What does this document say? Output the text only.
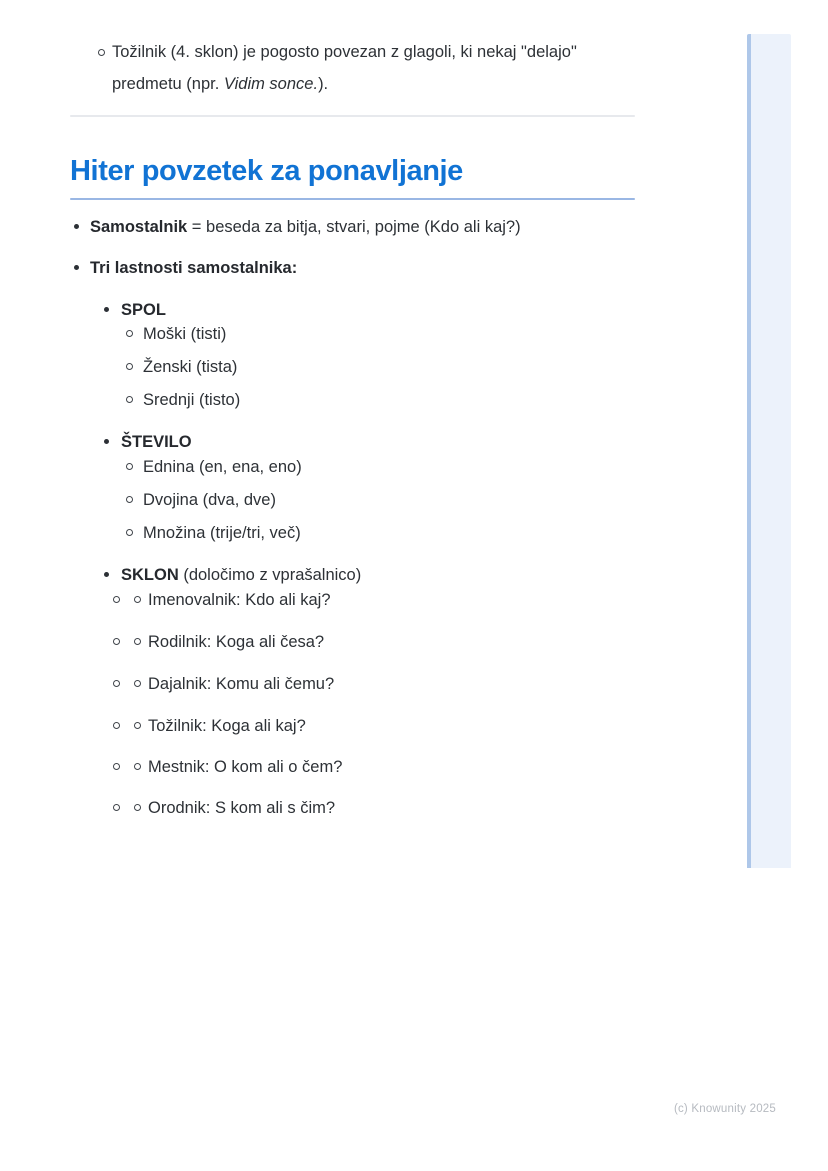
Tožilnik (4. sklon) je pogosto povezan z glagoli, ki nekaj "delajo" predmetu (npr. Vidim sonce.).
Hiter povzetek za ponavljanje
Samostalnik = beseda za bitja, stvari, pojme (Kdo ali kaj?)
Tri lastnosti samostalnika:
SPOL
Moški (tisti)
Ženski (tista)
Srednji (tisto)
ŠTEVILO
Ednina (en, ena, eno)
Dvojina (dva, dve)
Množina (trije/tri, več)
SKLON (določimo z vprašalnico)
Imenovalnik: Kdo ali kaj?
Rodilnik: Koga ali česa?
Dajalnik: Komu ali čemu?
Tožilnik: Koga ali kaj?
Mestnik: O kom ali o čem?
Orodnik: S kom ali s čim?
(c) Knowunity 2025
